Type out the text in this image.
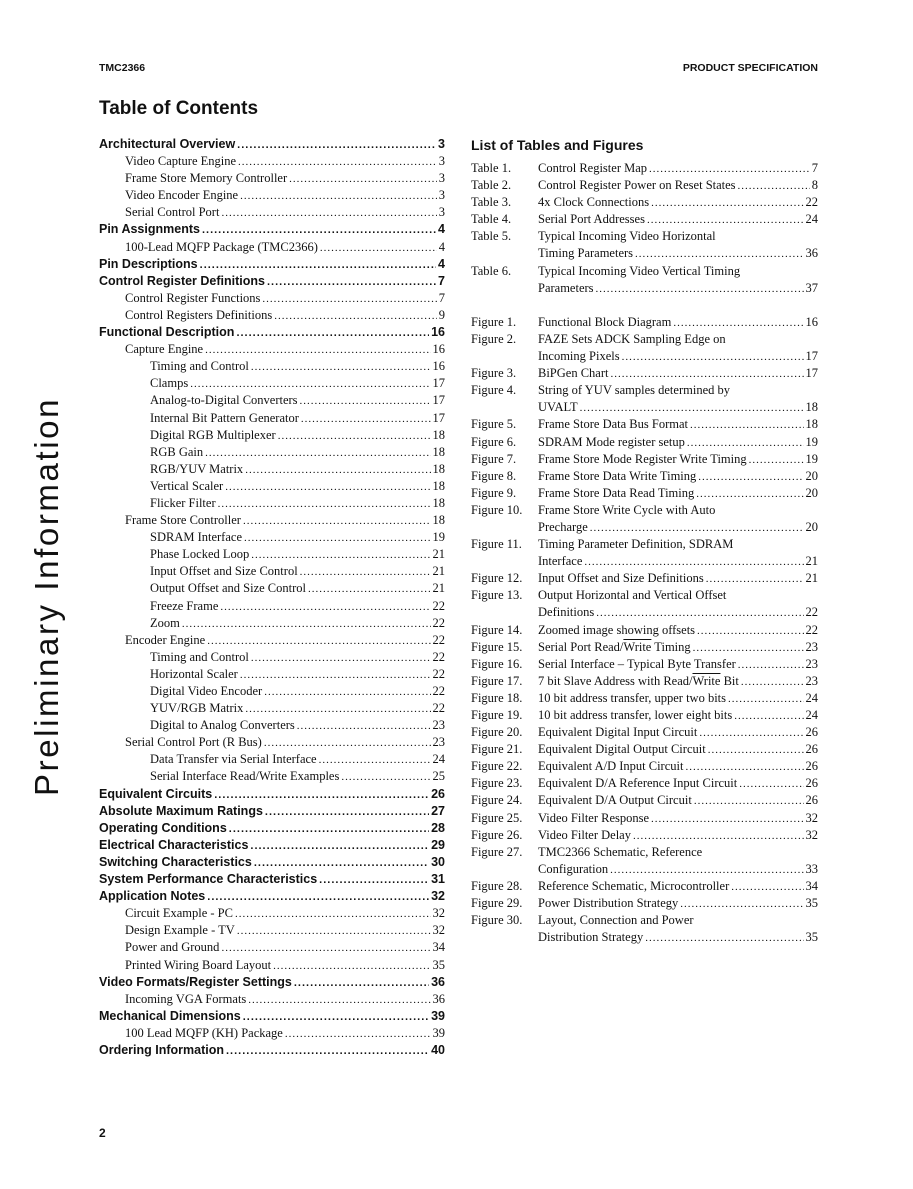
TMC2366	PRODUCT SPECIFICATION
Table of Contents
Preliminary Information
Architectural Overview .....	3
Video Capture Engine .....	3
Frame Store Memory Controller .....	3
Video Encoder Engine .....	3
Serial Control Port .....	3
Pin Assignments .....	4
100-Lead MQFP Package (TMC2366) .....	4
Pin Descriptions .....	4
Control Register Definitions .....	7
Control Register Functions .....	7
Control Registers Definitions .....	9
Functional Description .....	16
Capture Engine .....	16
Timing and Control .....	16
Clamps .....	17
Analog-to-Digital Converters .....	17
Internal Bit Pattern Generator .....	17
Digital RGB Multiplexer .....	18
RGB Gain .....	18
RGB/YUV Matrix .....	18
Vertical Scaler .....	18
Flicker Filter .....	18
Frame Store Controller .....	18
SDRAM Interface .....	19
Phase Locked Loop .....	21
Input Offset and Size Control .....	21
Output Offset and Size Control .....	21
Freeze Frame .....	22
Zoom .....	22
Encoder Engine .....	22
Timing and Control .....	22
Horizontal Scaler .....	22
Digital Video Encoder .....	22
YUV/RGB Matrix .....	22
Digital to Analog Converters .....	23
Serial Control Port (R Bus) .....	23
Data Transfer via Serial Interface .....	24
Serial Interface Read/Write Examples .....	25
Equivalent Circuits .....	26
Absolute Maximum Ratings .....	27
Operating Conditions .....	28
Electrical Characteristics .....	29
Switching Characteristics .....	30
System Performance Characteristics .....	31
Application Notes .....	32
Circuit Example - PC .....	32
Design Example - TV .....	32
Power and Ground .....	34
Printed Wiring Board Layout .....	35
Video Formats/Register Settings .....	36
Incoming VGA Formats .....	36
Mechanical Dimensions .....	39
100 Lead MQFP (KH) Package .....	39
Ordering Information .....	40
List of Tables and Figures
Table 1.	Control Register Map .....	7
Table 2.	Control Register Power on Reset States .....	8
Table 3.	4x Clock Connections .....	22
Table 4.	Serial Port Addresses .....	24
Table 5.	Typical Incoming Video Horizontal
Timing Parameters .....	36
Table 6.	Typical Incoming Video Vertical Timing
Parameters .....	37
Figure 1.	Functional Block Diagram .....	16
Figure 2.	FAZE Sets ADCK Sampling Edge on
Incoming Pixels .....	17
Figure 3.	BiPGen Chart .....	17
Figure 4.	String of YUV samples determined by
UVALT .....	18
Figure 5.	Frame Store Data Bus Format .....	18
Figure 6.	SDRAM Mode register setup .....	19
Figure 7.	Frame Store Mode Register Write Timing .....	19
Figure 8.	Frame Store Data Write Timing .....	20
Figure 9.	Frame Store Data Read Timing .....	20
Figure 10.	Frame Store Write Cycle with Auto
Precharge .....	20
Figure 11.	Timing Parameter Definition, SDRAM
Interface .....	21
Figure 12.	Input Offset and Size Definitions .....	21
Figure 13.	Output Horizontal and Vertical Offset
Definitions .....	22
Figure 14.	Zoomed image showing offsets .....	22
Figure 15.	Serial Port Read/Write Timing .....	23
Figure 16.	Serial Interface – Typical Byte Transfer .....	23
Figure 17.	7 bit Slave Address with Read/Write Bit .....	23
Figure 18.	10 bit address transfer, upper two bits .....	24
Figure 19.	10 bit address transfer, lower eight bits .....	24
Figure 20.	Equivalent Digital Input Circuit .....	26
Figure 21.	Equivalent Digital Output Circuit .....	26
Figure 22.	Equivalent A/D Input Circuit .....	26
Figure 23.	Equivalent D/A Reference Input Circuit .....	26
Figure 24.	Equivalent D/A Output Circuit .....	26
Figure 25.	Video Filter Response .....	32
Figure 26.	Video Filter Delay .....	32
Figure 27.	TMC2366 Schematic, Reference
Configuration .....	33
Figure 28.	Reference Schematic, Microcontroller .....	34
Figure 29.	Power Distribution Strategy .....	35
Figure 30.	Layout, Connection and Power
Distribution Strategy .....	35
2
